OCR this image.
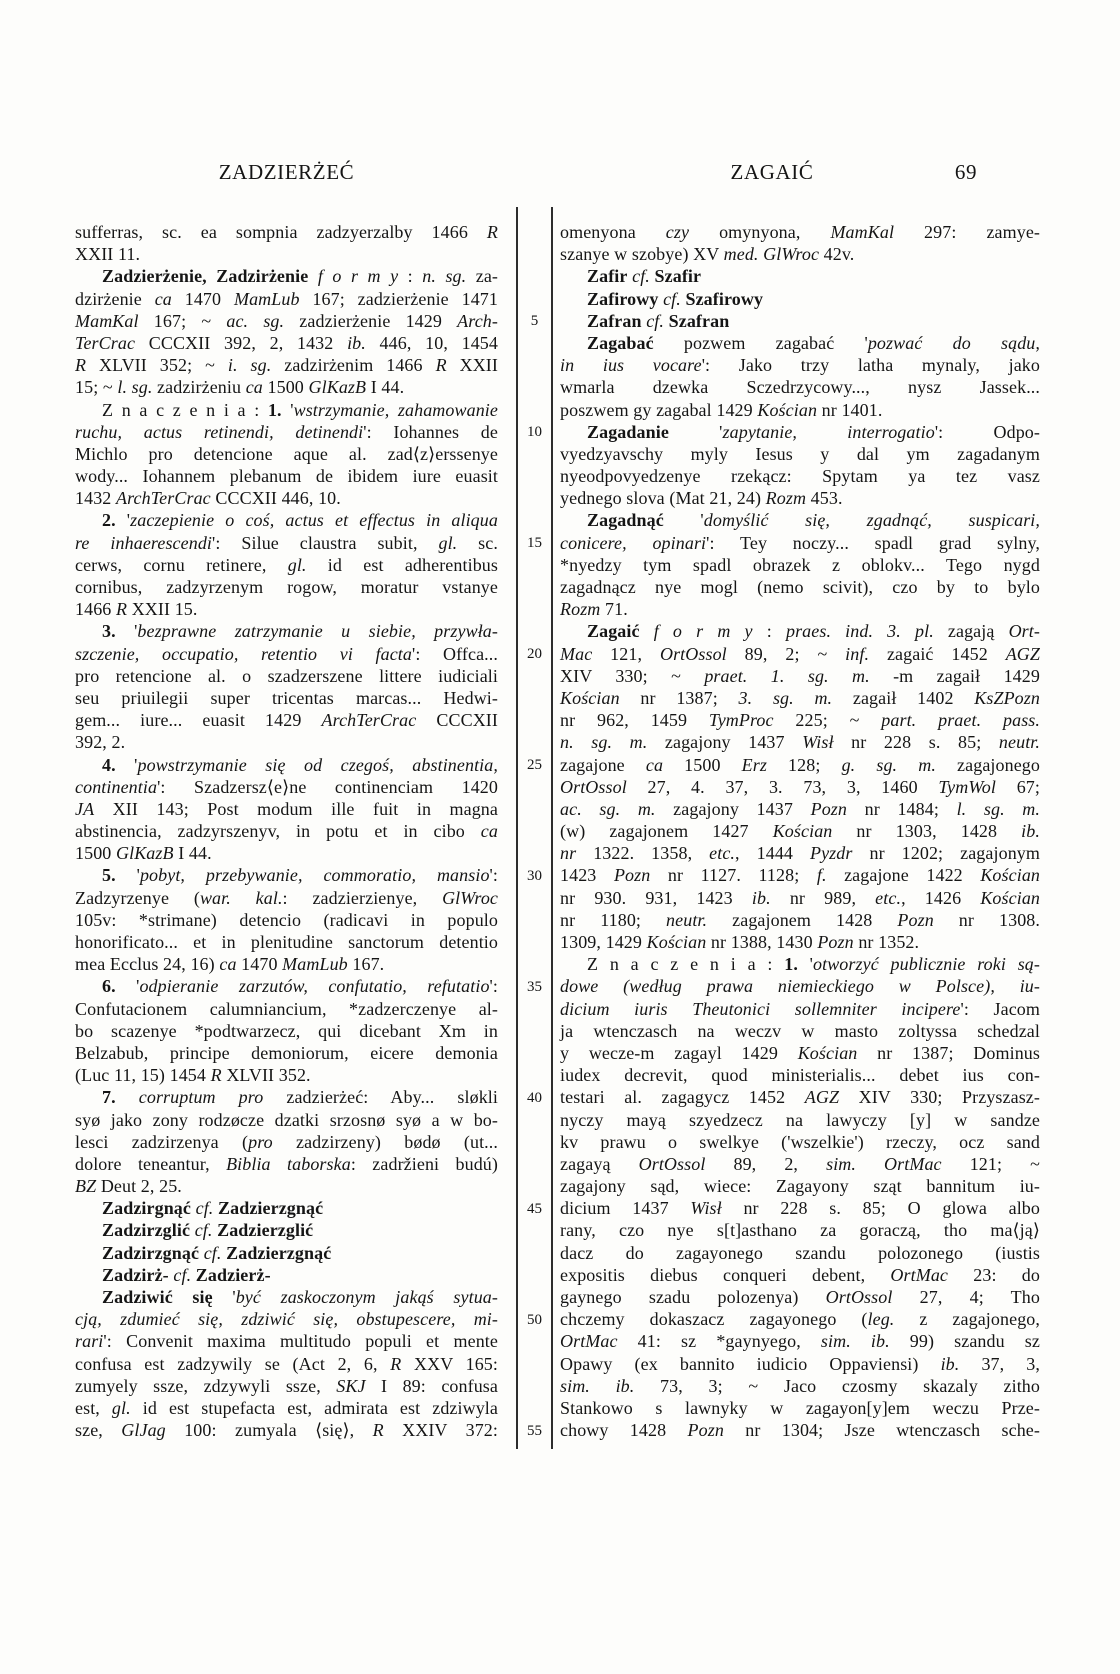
ZADZIERŻEĆ	ZAGAIĆ	69
sufferras, sc. ea sompnia zadzyerzalby 1466 R
XXII 11.
Zadzierżenie, Zadzirżenie f o r m y : n. sg. za-
dzirżenie ca 1470 MamLub 167; zadzierżenie 1471
MamKal 167; ~ ac. sg. zadzierżenie 1429 Arch-
TerCrac CCCXII 392, 2, 1432 ib. 446, 10, 1454
R XLVII 352; ~ i. sg. zadzirżenim 1466 R XXII
15; ~ l. sg. zadzirżeniu ca 1500 GlKazB I 44.
Z n a c z e n i a : 1. 'wstrzymanie, zahamowanie
ruchu, actus retinendi, detinendi': Iohannes de
Michlo pro detencione aque al. zad⟨z⟩erssenye
wody... Iohannem plebanum de ibidem iure euasit
1432 ArchTerCrac CCCXII 446, 10.
2. 'zaczepienie o coś, actus et effectus in aliqua
re inhaerescendi': Silue claustra subit, gl. sc.
cerws, cornu retinere, gl. id est adherentibus
cornibus, zadzyrzenym rogow, moratur vstanye
1466 R XXII 15.
3. 'bezprawne zatrzymanie u siebie, przywła-
szczenie, occupatio, retentio vi facta': Offca...
pro retencione al. o szadzerszene littere iudiciali
seu priuilegii super tricentas marcas... Hedwi-
gem... iure... euasit 1429 ArchTerCrac CCCXII
392, 2.
4. 'powstrzymanie się od czegoś, abstinentia,
continentia': Szadzersz⟨e⟩ne continenciam 1420
JA XII 143; Post modum ille fuit in magna
abstinencia, zadzyrszenyv, in potu et in cibo ca
1500 GlKazB I 44.
5. 'pobyt, przebywanie, commoratio, mansio':
Zadzyrzenye (war. kal.: zadzierzienye, GlWroc
105v: *strimane) detencio (radicavi in populo
honorificato... et in plenitudine sanctorum detentio
mea Ecclus 24, 16) ca 1470 MamLub 167.
6. 'odpieranie zarzutów, confutatio, refutatio':
Confutacionem calumniancium, *zadzerczenye al-
bo scazenye *podtwarzecz, qui dicebant Xm in
Belzabub, principe demoniorum, eicere demonia
(Luc 11, 15) 1454 R XLVII 352.
7. corruptum pro zadzierżeć: Aby... sløkli
syø jako zony rodzøcze dzatki srzosnø syø a w bo-
lesci zadzirzenya (pro zadzirzeny) bødø (ut...
dolore teneantur, Biblia taborska: zadržieni budú)
BZ Deut 2, 25.
Zadzirgnąć cf. Zadzierzgnąć
Zadzirzglić cf. Zadzierzglić
Zadzirzgnąć cf. Zadzierzgnąć
Zadzirż- cf. Zadzierż-
Zadziwić się 'być zaskoczonym jakąś sytua-
cją, zdumieć się, zdziwić się, obstupescere, mi-
rari': Convenit maxima multitudo populi et mente
confusa est zadzywily se (Act 2, 6, R XXV 165:
zumyely ssze, zdzywyli ssze, SKJ I 89: confusa
est, gl. id est stupefacta est, admirata est zdziwyla
sze, GlJag 100: zumyala ⟨się⟩, R XXIV 372:
5
10
15
20
25
30
35
40
45
50
55
omenyona czy omynyona, MamKal 297: zamye-
szanye w szobye) XV med. GlWroc 42v.
Zafir cf. Szafir
Zafirowy cf. Szafirowy
Zafran cf. Szafran
Zagabać pozwem zagabać 'pozwać do sądu,
in ius vocare': Jako trzy latha mynaly, jako
wmarla dzewka Sczedrzycowy..., nysz Jassek...
poszwem gy zagabal 1429 Kościan nr 1401.
Zagadanie 'zapytanie, interrogatio': Odpo-
vyedzyavschy myly Iesus y dal ym zagadanym
nyeodpovyedzenye rzekącz: Spytam ya tez vasz
yednego slova (Mat 21, 24) Rozm 453.
Zagadnąć 'domyślić się, zgadnąć, suspicari,
conicere, opinari': Tey noczy... spadl grad sylny,
*nyedzy tym spadl obrazek z oblokv... Tego nygd
zagadnącz nye mogl (nemo scivit), czo by to bylo
Rozm 71.
Zagaić f o r m y : praes. ind. 3. pl. zagają Ort-
Mac 121, OrtOssol 89, 2; ~ inf. zagaić 1452 AGZ
XIV 330; ~ praet. 1. sg. m. -m zagaił 1429
Kościan nr 1387; 3. sg. m. zagaił 1402 KsZPozn
nr 962, 1459 TymProc 225; ~ part. praet. pass.
n. sg. m. zagajony 1437 Wisł nr 228 s. 85; neutr.
zagajone ca 1500 Erz 128; g. sg. m. zagajonego
OrtOssol 27, 4. 37, 3. 73, 3, 1460 TymWol 67;
ac. sg. m. zagajony 1437 Pozn nr 1484; l. sg. m.
(w) zagajonem 1427 Kościan nr 1303, 1428 ib.
nr 1322. 1358, etc., 1444 Pyzdr nr 1202; zagajonym
1423 Pozn nr 1127. 1128; f. zagajone 1422 Kościan
nr 930. 931, 1423 ib. nr 989, etc., 1426 Kościan
nr 1180; neutr. zagajonem 1428 Pozn nr 1308.
1309, 1429 Kościan nr 1388, 1430 Pozn nr 1352.
Z n a c z e n i a : 1. 'otworzyć publicznie roki są-
dowe (według prawa niemieckiego w Polsce), iu-
dicium iuris Theutonici sollemniter incipere': Jacom
ja wtenczasch na weczv w masto zoltyssa schedzal
y wecze-m zagayl 1429 Kościan nr 1387; Dominus
iudex decrevit, quod ministerialis... debet ius con-
testari al. zagagycz 1452 AGZ XIV 330; Przyszasz-
nyczy mayą szyedzecz na lawyczy [y] w sandze
kv prawu o swelkye ('wszelkie') rzeczy, ocz sand
zagayą OrtOssol 89, 2, sim. OrtMac 121; ~
zagajony sąd, wiece: Zagayony sząt bannitum iu-
dicium 1437 Wisł nr 228 s. 85; O glowa albo
rany, czo nye s[t]asthano za goraczą, tho ma⟨ją⟩
dacz do zagayonego szandu polozonego (iustis
expositis diebus conqueri debent, OrtMac 23: do
gaynego szadu polozenya) OrtOssol 27, 4; Tho
chczemy dokaszacz zagayonego (leg. z zagajonego,
OrtMac 41: sz *gaynyego, sim. ib. 99) szandu sz
Opawy (ex bannito iudicio Oppaviensi) ib. 37, 3,
sim. ib. 73, 3; ~ Jaco czosmy skazaly zitho
Stankowo s lawnyky w zagayon[y]em weczu Prze-
chowy 1428 Pozn nr 1304; Jsze wtenczasch sche-
